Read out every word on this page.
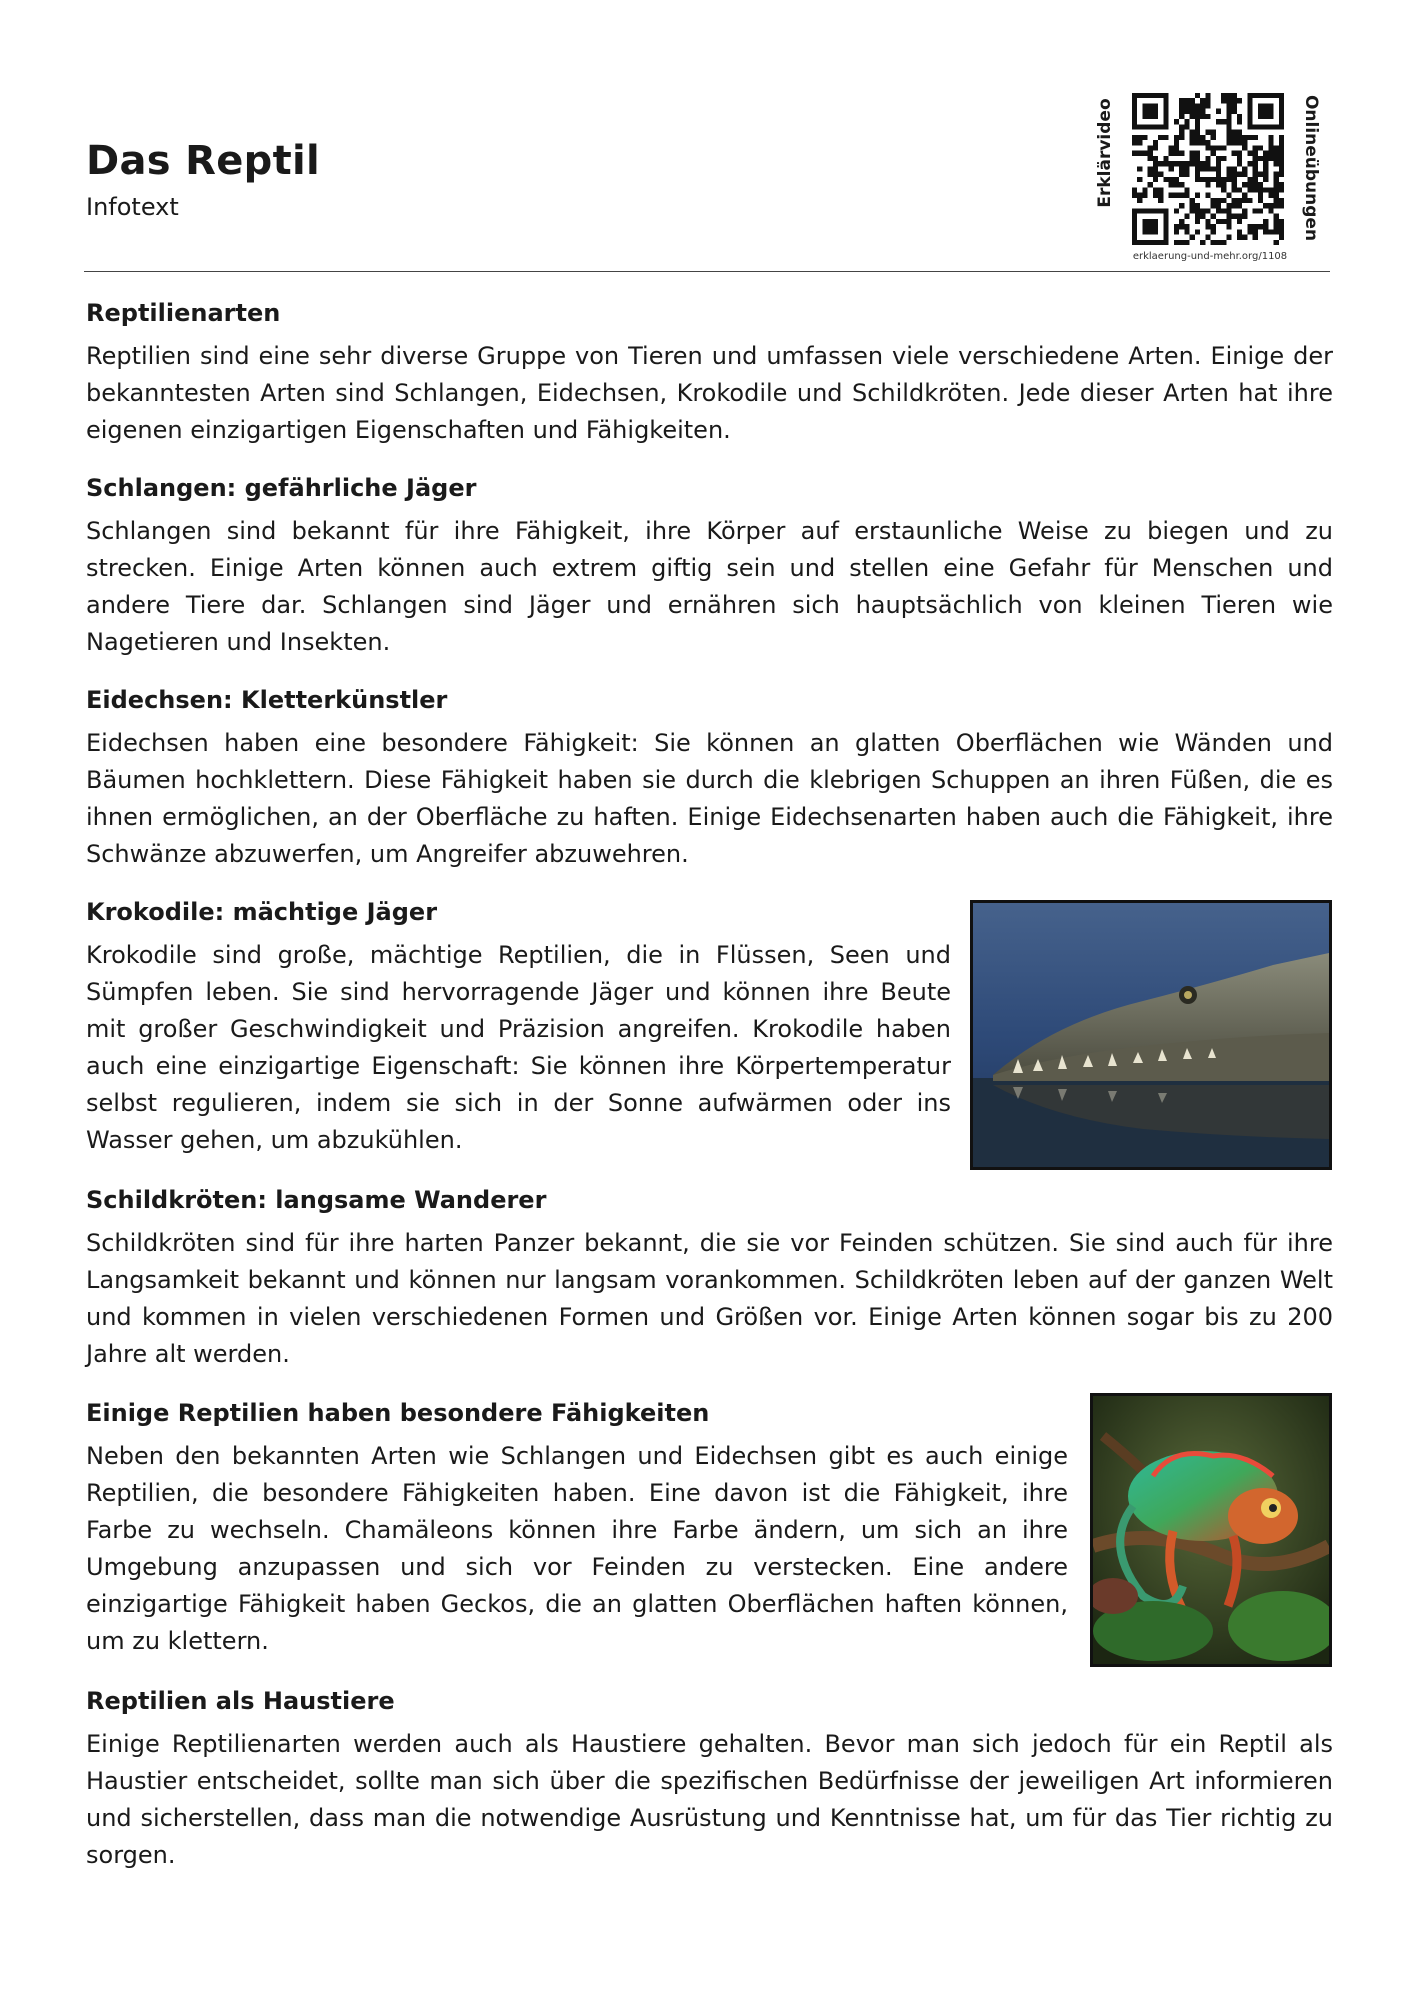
Das Reptil
Infotext	Erklärvideo	Onlineübungen
erklaerung-und-mehr.org/1108
Reptilienarten

Reptilien sind eine sehr diverse Gruppe von Tieren und umfassen viele verschiedene Arten. Einige der bekanntesten Arten sind Schlangen, Eidechsen, Krokodile und Schildkröten. Jede dieser Arten hat ihre eigenen einzigartigen Eigenschaften und Fähigkeiten.

Schlangen: gefährliche Jäger

Schlangen sind bekannt für ihre Fähigkeit, ihre Körper auf erstaunliche Weise zu biegen und zu strecken. Einige Arten können auch extrem giftig sein und stellen eine Gefahr für Menschen und andere Tiere dar. Schlangen sind Jäger und ernähren sich hauptsächlich von kleinen Tieren wie Nagetieren und Insekten.

Eidechsen: Kletterkünstler

Eidechsen haben eine besondere Fähigkeit: Sie können an glatten Oberflächen wie Wänden und Bäumen hochklettern. Diese Fähigkeit haben sie durch die klebrigen Schuppen an ihren Füßen, die es ihnen ermöglichen, an der Oberfläche zu haften. Einige Eidechsenarten haben auch die Fähigkeit, ihre Schwänze abzuwerfen, um Angreifer abzuwehren.

Krokodile: mächtige Jäger

Krokodile sind große, mächtige Reptilien, die in Flüssen, Seen und Sümpfen leben. Sie sind hervorragende Jäger und können ihre Beute mit großer Geschwindigkeit und Präzision angreifen. Krokodile haben auch eine einzigartige Eigenschaft: Sie können ihre Körpertemperatur selbst regulieren, indem sie sich in der Sonne aufwärmen oder ins Wasser gehen, um abzukühlen.

Schildkröten: langsame Wanderer

Schildkröten sind für ihre harten Panzer bekannt, die sie vor Feinden schützen. Sie sind auch für ihre Langsamkeit bekannt und können nur langsam vorankommen. Schildkröten leben auf der ganzen Welt und kommen in vielen verschiedenen Formen und Größen vor. Einige Arten können sogar bis zu 200 Jahre alt werden.

Einige Reptilien haben besondere Fähigkeiten

Neben den bekannten Arten wie Schlangen und Eidechsen gibt es auch einige Reptilien, die besondere Fähigkeiten haben. Eine davon ist die Fähigkeit, ihre Farbe zu wechseln. Chamäleons können ihre Farbe ändern, um sich an ihre Umgebung anzupassen und sich vor Feinden zu verstecken. Eine andere einzigartige Fähigkeit haben Geckos, die an glatten Oberflächen haften können, um zu klettern.

Reptilien als Haustiere

Einige Reptilienarten werden auch als Haustiere gehalten. Bevor man sich jedoch für ein Reptil als Haustier entscheidet, sollte man sich über die spezifischen Bedürfnisse der jeweiligen Art informieren und sicherstellen, dass man die notwendige Ausrüstung und Kenntnisse hat, um für das Tier richtig zu sorgen.
